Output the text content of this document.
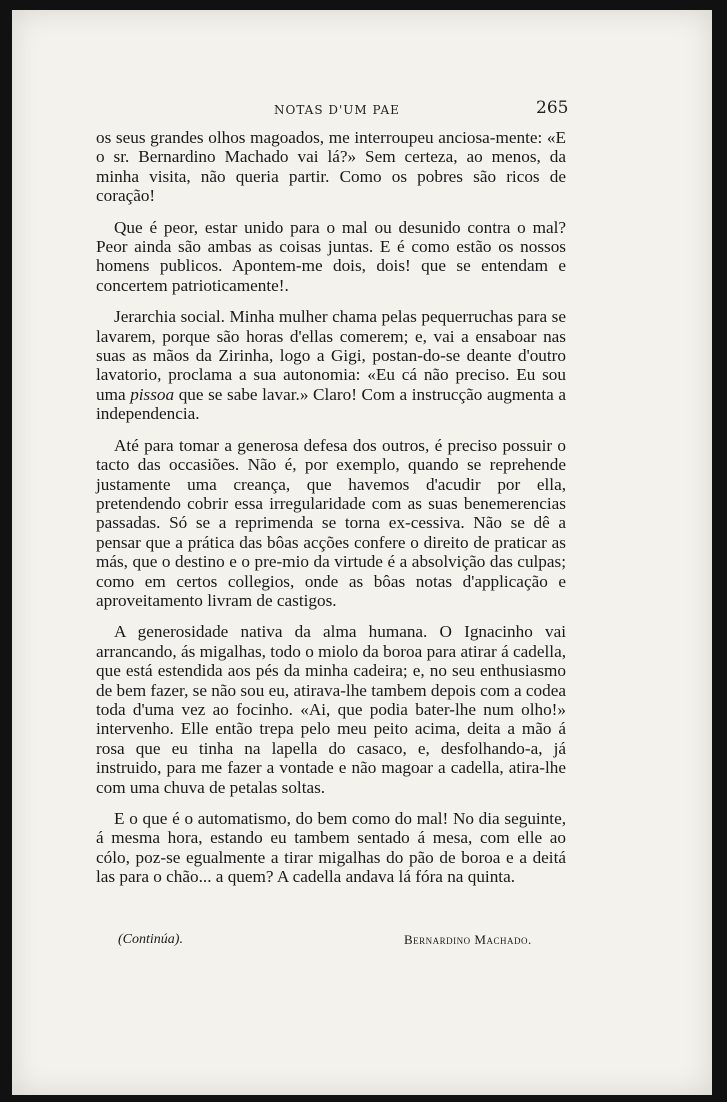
NOTAS D'UM PAE	265

os seus grandes olhos magoados, me interroupeu anciosa-mente: «E o sr. Bernardino Machado vai lá?» Sem certeza, ao menos, da minha visita, não queria partir. Como os pobres são ricos de coração!

Que é peor, estar unido para o mal ou desunido contra o mal? Peor ainda são ambas as coisas juntas. E é como estão os nossos homens publicos. Apontem-me dois, dois! que se entendam e concertem patrioticamente!.

Jerarchia social. Minha mulher chama pelas pequerruchas para se lavarem, porque são horas d'ellas comerem; e, vai a ensaboar nas suas as mãos da Zirinha, logo a Gigi, postan-do-se deante d'outro lavatorio, proclama a sua autonomia: «Eu cá não preciso. Eu sou uma pissoa que se sabe lavar.» Claro! Com a instrucção augmenta a independencia.

Até para tomar a generosa defesa dos outros, é preciso possuir o tacto das occasiões. Não é, por exemplo, quando se reprehende justamente uma creança, que havemos d'acudir por ella, pretendendo cobrir essa irregularidade com as suas benemerencias passadas. Só se a reprimenda se torna ex-cessiva. Não se dê a pensar que a prática das bôas acções confere o direito de praticar as más, que o destino e o pre-mio da virtude é a absolvição das culpas; como em certos collegios, onde as bôas notas d'applicação e aproveitamento livram de castigos.

A generosidade nativa da alma humana. O Ignacinho vai arrancando, ás migalhas, todo o miolo da boroa para atirar á cadella, que está estendida aos pés da minha cadeira; e, no seu enthusiasmo de bem fazer, se não sou eu, atirava-lhe tambem depois com a codea toda d'uma vez ao focinho. «Ai, que podia bater-lhe num olho!» intervenho. Elle então trepa pelo meu peito acima, deita a mão á rosa que eu tinha na lapella do casaco, e, desfolhando-a, já instruido, para me fazer a vontade e não magoar a cadella, atira-lhe com uma chuva de petalas soltas.

E o que é o automatismo, do bem como do mal! No dia seguinte, á mesma hora, estando eu tambem sentado á mesa, com elle ao cólo, poz-se egualmente a tirar migalhas do pão de boroa e a deitá las para o chão... a quem? A cadella andava lá fóra na quinta.

(Continúa).	Bernardino Machado.
